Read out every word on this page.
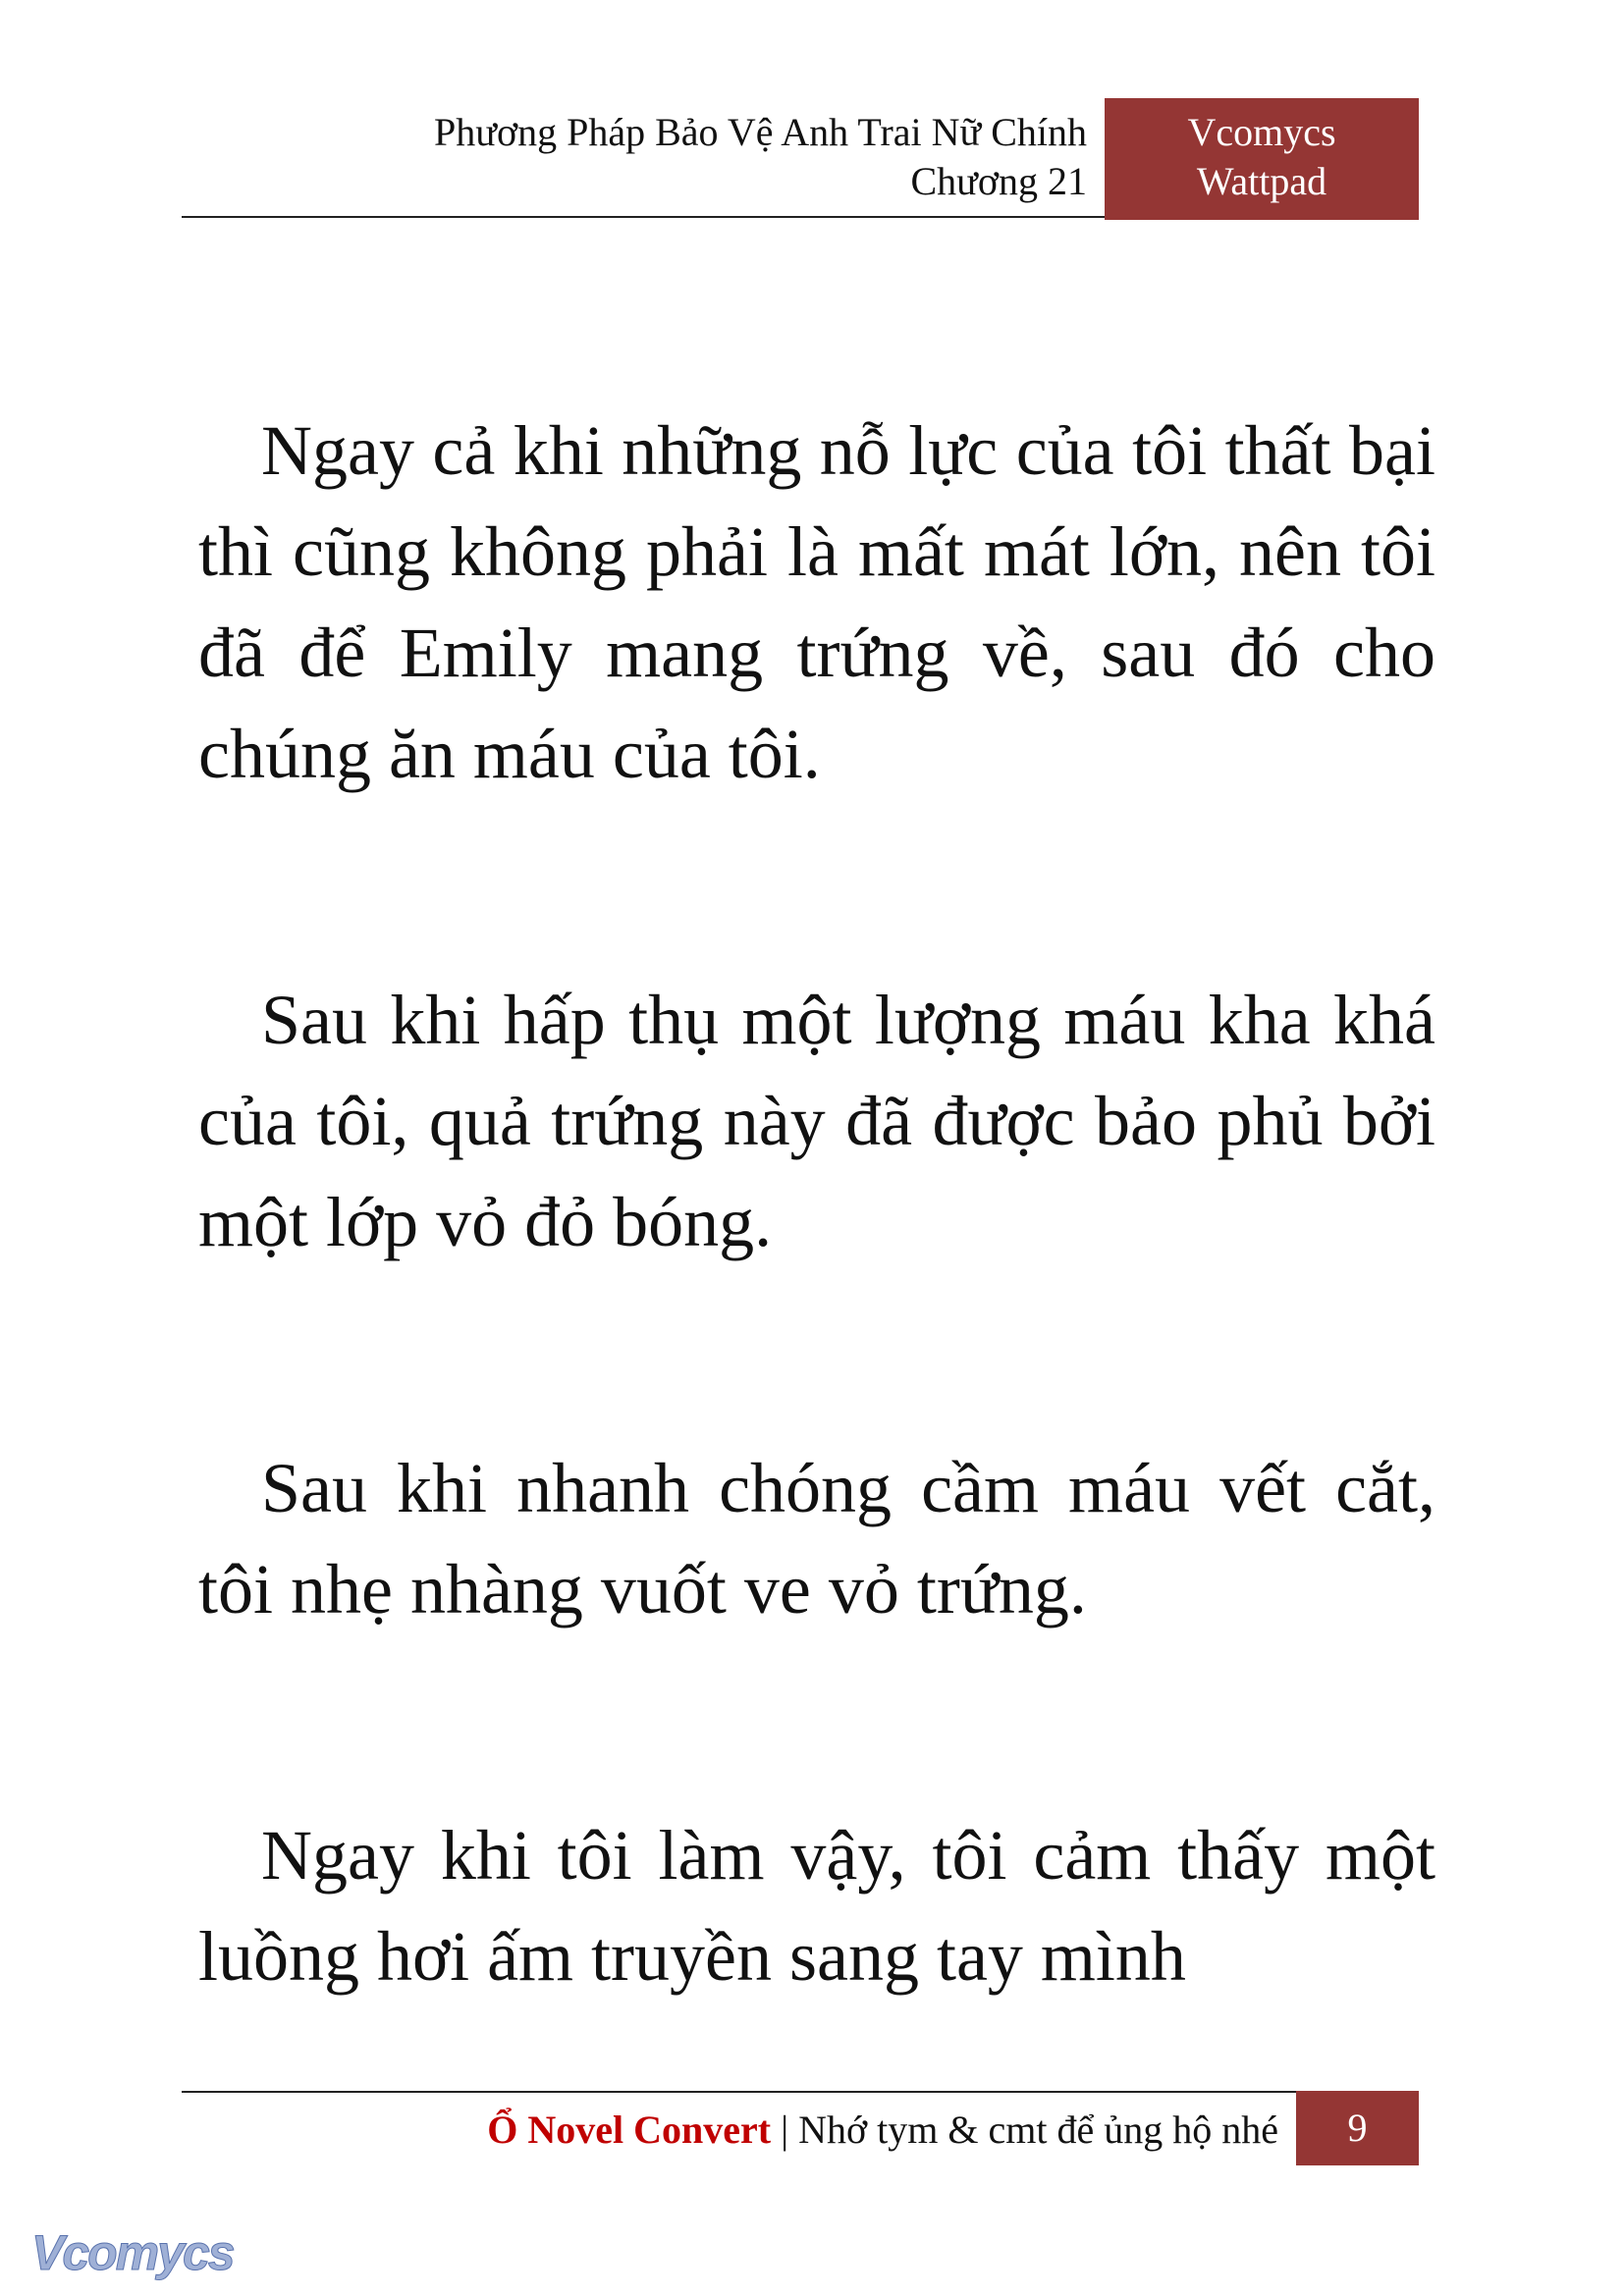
Phương Pháp Bảo Vệ Anh Trai Nữ Chính
Chương 21
Vcomycs
Wattpad

Ngay cả khi những nỗ lực của tôi thất bại thì cũng không phải là mất mát lớn, nên tôi đã để Emily mang trứng về, sau đó cho chúng ăn máu của tôi.

Sau khi hấp thụ một lượng máu kha khá của tôi, quả trứng này đã được bảo phủ bởi một lớp vỏ đỏ bóng.

Sau khi nhanh chóng cầm máu vết cắt, tôi nhẹ nhàng vuốt ve vỏ trứng.

Ngay khi tôi làm vậy, tôi cảm thấy một luồng hơi ấm truyền sang tay mình

Ổ Novel Convert | Nhớ tym & cmt để ủng hộ nhé	9
Vcomycs
